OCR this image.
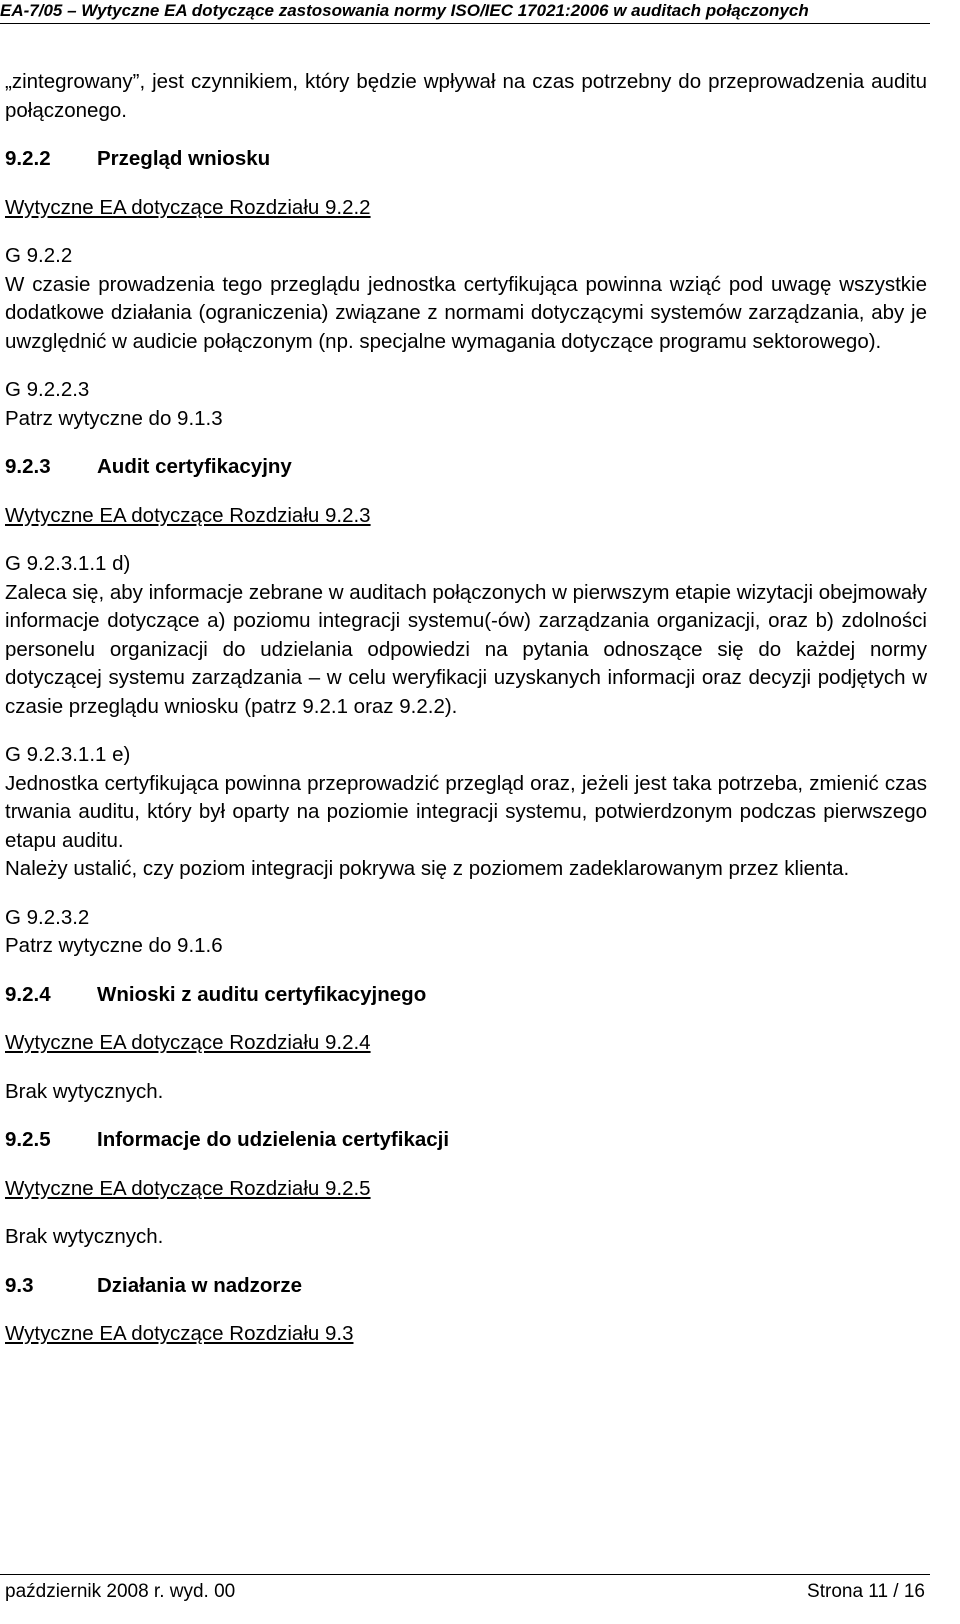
EA-7/05 – Wytyczne EA dotyczące zastosowania normy ISO/IEC 17021:2006 w auditach połączonych

„zintegrowany”, jest czynnikiem, który będzie wpływał na czas potrzebny do przeprowadzenia auditu połączonego.

9.2.2 Przegląd wniosku

Wytyczne EA dotyczące Rozdziału 9.2.2

G 9.2.2

W czasie prowadzenia tego przeglądu jednostka certyfikująca powinna wziąć pod uwagę wszystkie dodatkowe działania (ograniczenia) związane z normami dotyczącymi systemów zarządzania, aby je uwzględnić w audicie połączonym (np. specjalne wymagania dotyczące programu sektorowego).

G 9.2.2.3

Patrz wytyczne do 9.1.3

9.2.3 Audit certyfikacyjny

Wytyczne EA dotyczące Rozdziału 9.2.3

G 9.2.3.1.1 d)

Zaleca się, aby informacje zebrane w auditach połączonych w pierwszym etapie wizytacji obejmowały informacje dotyczące a) poziomu integracji systemu(-ów) zarządzania organizacji, oraz b) zdolności personelu organizacji do udzielania odpowiedzi na pytania odnoszące się do każdej normy dotyczącej systemu zarządzania – w celu weryfikacji uzyskanych informacji oraz decyzji podjętych w czasie przeglądu wniosku (patrz 9.2.1 oraz 9.2.2).

G 9.2.3.1.1 e)

Jednostka certyfikująca powinna przeprowadzić przegląd oraz, jeżeli jest taka potrzeba, zmienić czas trwania auditu, który był oparty na poziomie integracji systemu, potwierdzonym podczas pierwszego etapu auditu.

Należy ustalić, czy poziom integracji pokrywa się z poziomem zadeklarowanym przez klienta.

G 9.2.3.2

Patrz wytyczne do 9.1.6

9.2.4 Wnioski z auditu certyfikacyjnego

Wytyczne EA dotyczące Rozdziału 9.2.4

Brak wytycznych.

9.2.5 Informacje do udzielenia certyfikacji

Wytyczne EA dotyczące Rozdziału 9.2.5

Brak wytycznych.

9.3	Działania w nadzorze

Wytyczne EA dotyczące Rozdziału 9.3

październik 2008 r. wyd. 00	Strona 11 / 16
